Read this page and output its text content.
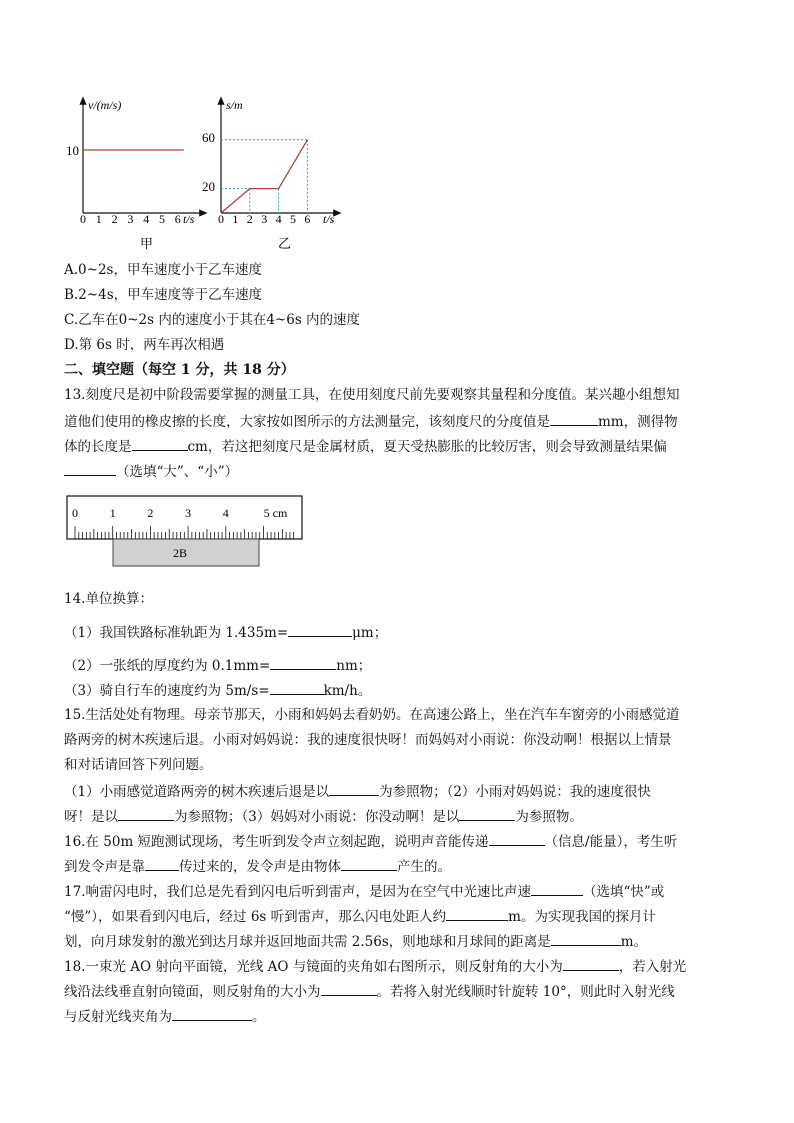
v/(m/s)
10
0 1 2 3 4 5 6 t/s
甲
s/m
60
20
0 1 2 3 4 5 6 t/s
乙
A.0~2s，甲车速度小于乙车速度
B.2~4s，甲车速度等于乙车速度
C.乙车在0~2s 内的速度小于其在4~6s 内的速度
D.第 6s 时，两车再次相遇
二、填空题（每空 1 分，共 18 分）
13.刻度尺是初中阶段需要掌握的测量工具，在使用刻度尺前先要观察其量程和分度值。某兴趣小组想知
道他们使用的橡皮擦的长度，大家按如图所示的方法测量完，该刻度尺的分度值是	mm，测得物
体的长度是	cm，若这把刻度尺是金属材质，夏天受热膨胀的比较厉害，则会导致测量结果偏
（选填“大”、“小”）
0	1	2	3	4	5 cm
2B
14.单位换算：
（1）我国铁路标准轨距为 1.435m=	μm；
（2）一张纸的厚度约为 0.1mm=	nm；
（3）骑自行车的速度约为 5m/s=	km/h。
15.生活处处有物理。母亲节那天，小雨和妈妈去看奶奶。在高速公路上，坐在汽车车窗旁的小雨感觉道
路两旁的树木疾速后退。小雨对妈妈说：我的速度很快呀！而妈妈对小雨说：你没动啊！根据以上情景
和对话请回答下列问题。
（1）小雨感觉道路两旁的树木疾速后退是以	为参照物；（2）小雨对妈妈说：我的速度很快
呀！是以	为参照物；（3）妈妈对小雨说：你没动啊！是以	为参照物。
16.在 50m 短跑测试现场，考生听到发令声立刻起跑，说明声音能传递	（信息/能量），考生听
到发令声是靠	传过来的，发令声是由物体	产生的。
17.响雷闪电时，我们总是先看到闪电后听到雷声，是因为在空气中光速比声速	（选填“快”或
“慢”），如果看到闪电后，经过 6s 听到雷声，那么闪电处距人约	m。为实现我国的探月计
划，向月球发射的激光到达月球并返回地面共需 2.56s，则地球和月球间的距离是	m。
18.一束光 AO 射向平面镜，光线 AO 与镜面的夹角如右图所示，则反射角的大小为	，若入射光
线沿法线垂直射向镜面，则反射角的大小为	。若将入射光线顺时针旋转 10°，则此时入射光线
与反射光线夹角为	。
